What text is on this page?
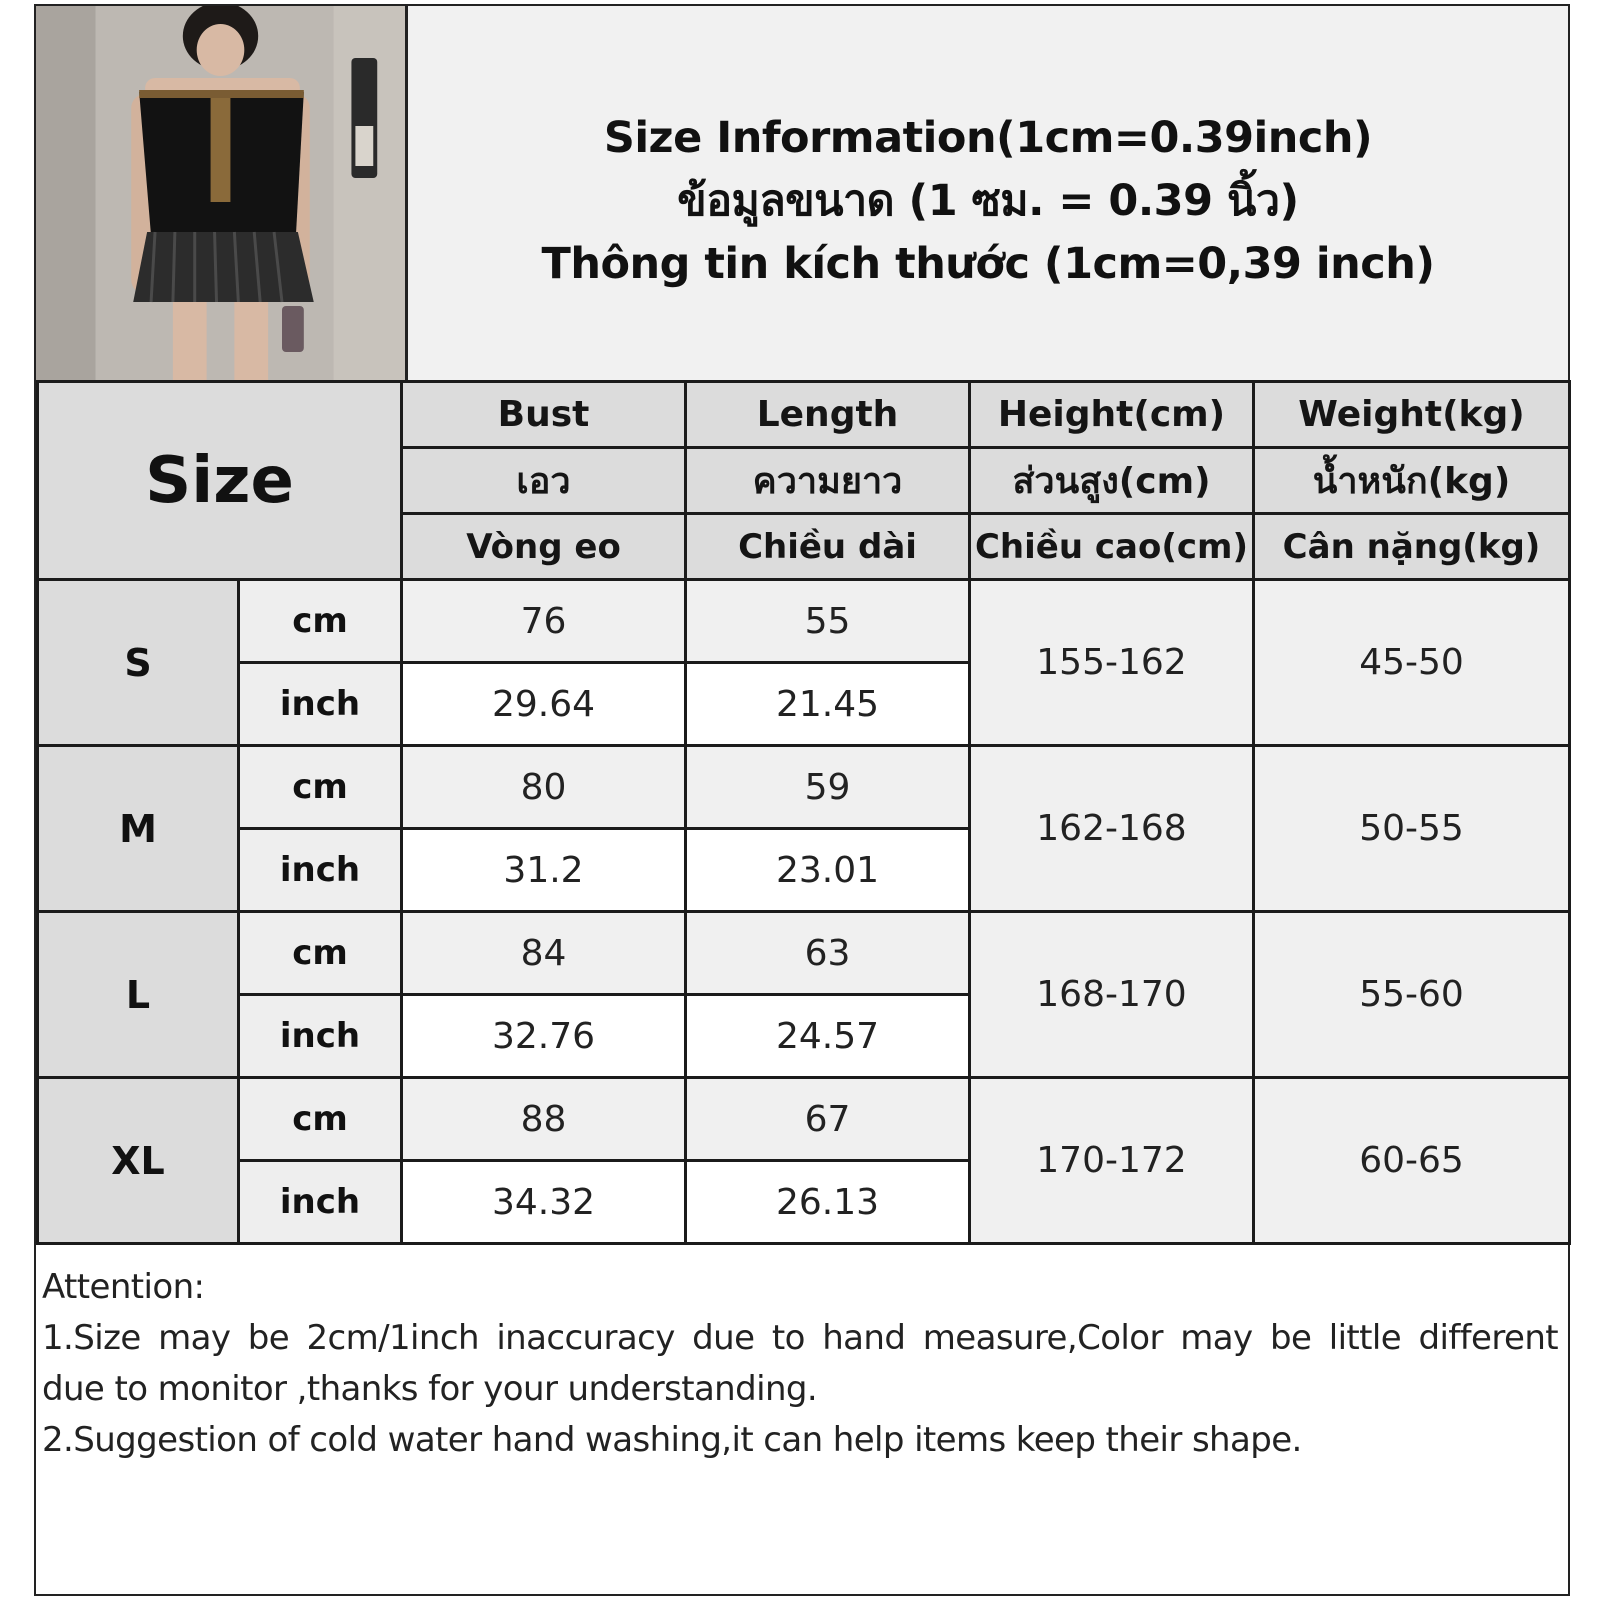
Size Information(1cm=0.39inch)
ข้อมูลขนาด (1 ซม. = 0.39 นิ้ว)
Thông tin kích thước (1cm=0,39 inch)
Size		Bust	Length	Height(cm)	Weight(kg)
		เอว	ความยาว	ส่วนสูง(cm)	น้ำหนัก(kg)
		Vòng eo	Chiều dài	Chiều cao(cm)	Cân nặng(kg)
S	cm	76	55	155-162	45-50
	inch	29.64	21.45		
M	cm	80	59	162-168	50-55
	inch	31.2	23.01		
L	cm	84	63	168-170	55-60
	inch	32.76	24.57		
XL	cm	88	67	170-172	60-65
	inch	34.32	26.13		

Attention:

1.Size may be 2cm/1inch inaccuracy due to hand measure,Color may be little different

due to monitor ,thanks for your understanding.

2.Suggestion of cold water hand washing,it can help items keep their shape.
